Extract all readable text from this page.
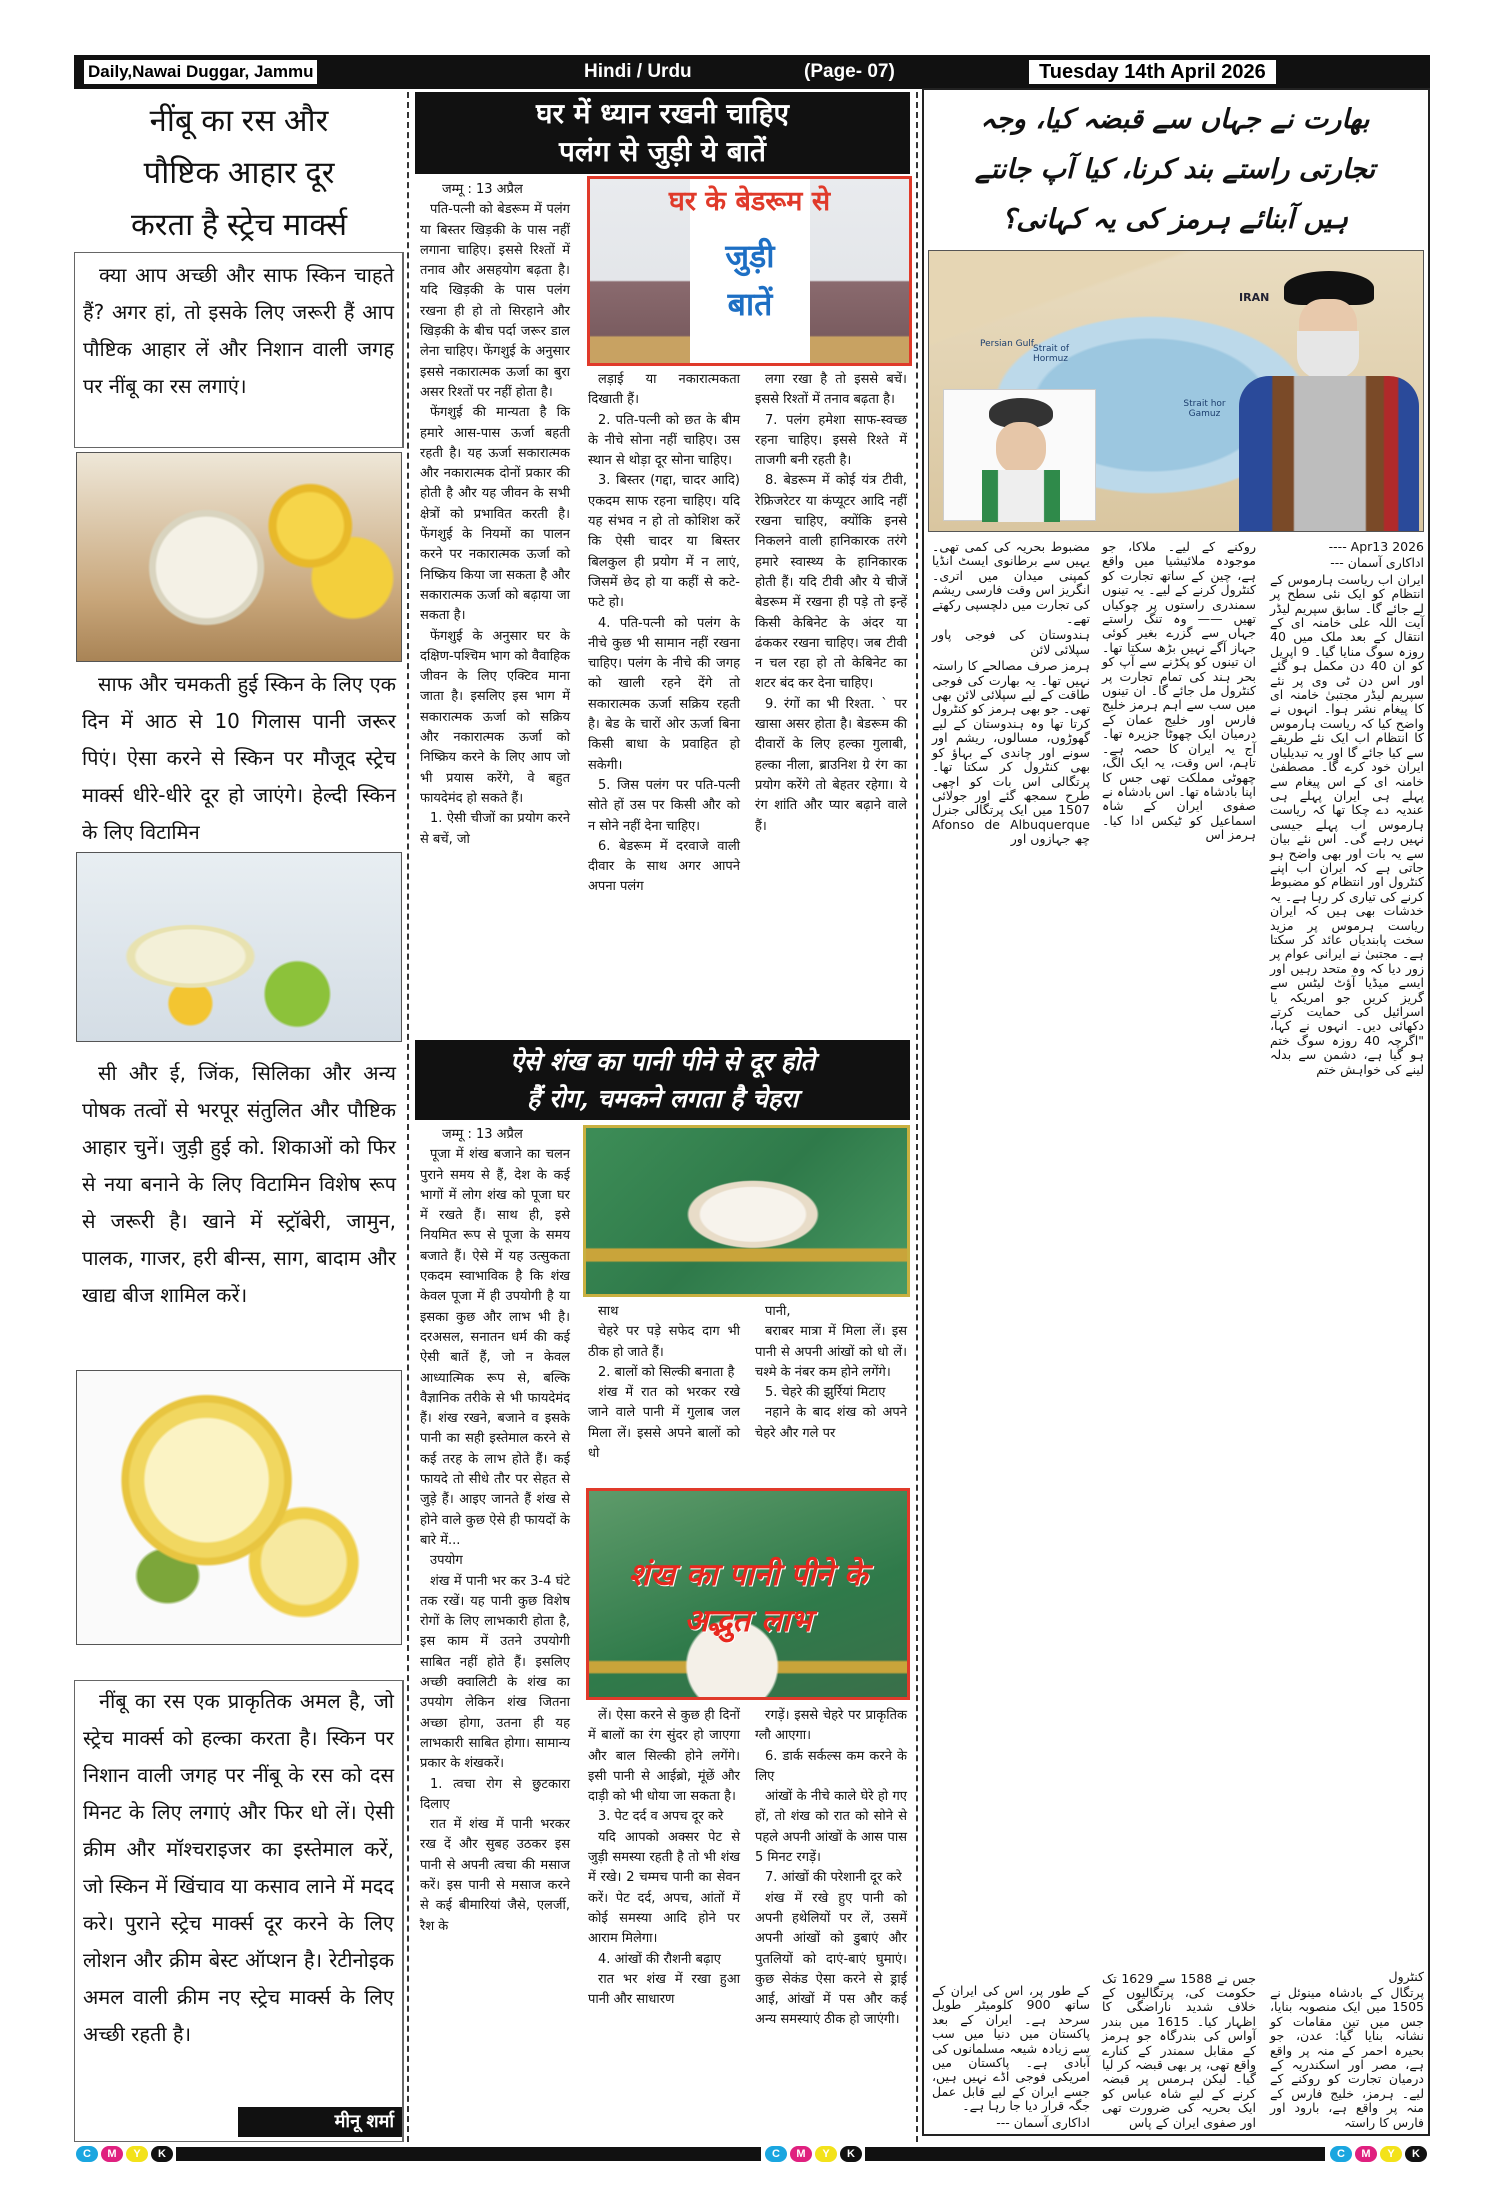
Daily,Nawai Duggar, Jammu	Hindi / Urdu	(Page- 07)	Tuesday 14th April 2026
नींबू का रस और
पौष्टिक आहार दूर
करता है स्ट्रेच मार्क्स

क्या आप अच्छी और साफ स्किन चाहते हैं? अगर हां, तो इसके लिए जरूरी हैं आप पौष्टिक आहार लें और निशान वाली जगह पर नींबू का रस लगाएं।

साफ और चमकती हुई स्किन के लिए एक दिन में आठ से 10 गिलास पानी जरूर पिएं। ऐसा करने से स्किन पर मौजूद स्ट्रेच मार्क्स धीरे-धीरे दूर हो जाएंगे। हेल्दी स्किन के लिए विटामिन

सी और ई, जिंक, सिलिका और अन्य पोषक तत्वों से भरपूर संतुलित और पौष्टिक आहार चुनें। जुड़ी हुई को. शिकाओं को फिर से नया बनाने के लिए विटामिन विशेष रूप से जरूरी है। खाने में स्ट्रॉबेरी, जामुन, पालक, गाजर, हरी बीन्स, साग, बादाम और खाद्य बीज शामिल करें।

नींबू का रस एक प्राकृतिक अमल है, जो स्ट्रेच मार्क्स को हल्का करता है। स्किन पर निशान वाली जगह पर नींबू के रस को दस मिनट के लिए लगाएं और फिर धो लें। ऐसी क्रीम और मॉश्चराइजर का इस्तेमाल करें, जो स्किन में खिंचाव या कसाव लाने में मदद करे। पुराने स्ट्रेच मार्क्स दूर करने के लिए लोशन और क्रीम बेस्ट ऑप्शन है। रेटीनोइक अमल वाली क्रीम नए स्ट्रेच मार्क्स के लिए अच्छी रहती है।

मीनू शर्मा
घर में ध्यान रखनी चाहिए
पलंग से जुड़ी ये बातें
घर के बेडरूम से
जुड़ी
बातें

जम्मू : 13 अप्रैल

पति-पत्नी को बेडरूम में पलंग या बिस्तर खिड़की के पास नहीं लगाना चाहिए। इससे रिश्तों में तनाव और असहयोग बढ़ता है। यदि खिड़की के पास पलंग रखना ही हो तो सिरहाने और खिड़की के बीच पर्दा जरूर डाल लेना चाहिए। फेंगशुई के अनुसार इससे नकारात्मक ऊर्जा का बुरा असर रिश्तों पर नहीं होता है।

फेंगशुई की मान्यता है कि हमारे आस-पास ऊर्जा बहती रहती है। यह ऊर्जा सकारात्मक और नकारात्मक दोनों प्रकार की होती है और यह जीवन के सभी क्षेत्रों को प्रभावित करती है। फेंगशुई के नियमों का पालन करने पर नकारात्मक ऊर्जा को निष्क्रिय किया जा सकता है और सकारात्मक ऊर्जा को बढ़ाया जा सकता है।

फेंगशुई के अनुसार घर के दक्षिण-पश्चिम भाग को वैवाहिक जीवन के लिए एक्टिव माना जाता है। इसलिए इस भाग में सकारात्मक ऊर्जा को सक्रिय और नकारात्मक ऊर्जा को निष्क्रिय करने के लिए आप जो भी प्रयास करेंगे, वे बहुत फायदेमंद हो सकते हैं।

1. ऐसी चीजों का प्रयोग करने से बचें, जो

लड़ाई या नकारात्मकता दिखाती हैं।

2. पति-पत्नी को छत के बीम के नीचे सोना नहीं चाहिए। उस स्थान से थोड़ा दूर सोना चाहिए।

3. बिस्तर (गद्दा, चादर आदि) एकदम साफ रहना चाहिए। यदि यह संभव न हो तो कोशिश करें कि ऐसी चादर या बिस्तर बिलकुल ही प्रयोग में न लाएं, जिसमें छेद हो या कहीं से कटे-फटे हो।

4. पति-पत्नी को पलंग के नीचे कुछ भी सामान नहीं रखना चाहिए। पलंग के नीचे की जगह को खाली रहने देंगे तो सकारात्मक ऊर्जा सक्रिय रहती है। बेड के चारों ओर ऊर्जा बिना किसी बाधा के प्रवाहित हो सकेगी।

5. जिस पलंग पर पति-पत्नी सोते हों उस पर किसी और को न सोने नहीं देना चाहिए।

6. बेडरूम में दरवाजे वाली दीवार के साथ अगर आपने अपना पलंग

लगा रखा है तो इससे बचें। इससे रिश्तों में तनाव बढ़ता है।

7. पलंग हमेशा साफ-स्वच्छ रहना चाहिए। इससे रिश्ते में ताजगी बनी रहती है।

8. बेडरूम में कोई यंत्र टीवी, रेफ्रिजरेटर या कंप्यूटर आदि नहीं रखना चाहिए, क्योंकि इनसे निकलने वाली हानिकारक तरंगे हमारे स्वास्थ्य के हानिकारक होती हैं। यदि टीवी और ये चीजें बेडरूम में रखना ही पड़े तो इन्हें किसी केबिनेट के अंदर या ढंककर रखना चाहिए। जब टीवी न चल रहा हो तो केबिनेट का शटर बंद कर देना चाहिए।

9. रंगों का भी रिश्ता. ` पर खासा असर होता है। बेडरूम की दीवारों के लिए हल्का गुलाबी, हल्का नीला, ब्राउनिश ग्रे रंग का प्रयोग करेंगे तो बेहतर रहेगा। ये रंग शांति और प्यार बढ़ाने वाले हैं।

ऐसे शंख का पानी पीने से दूर होते
हैं रोग, चमकने लगता है चेहरा

जम्मू : 13 अप्रैल

पूजा में शंख बजाने का चलन पुराने समय से हैं, देश के कई भागों में लोग शंख को पूजा घर में रखते हैं। साथ ही, इसे नियमित रूप से पूजा के समय बजाते हैं। ऐसे में यह उत्सुकता एकदम स्वाभाविक है कि शंख केवल पूजा में ही उपयोगी है या इसका कुछ और लाभ भी है। दरअसल, सनातन धर्म की कई ऐसी बातें हैं, जो न केवल आध्यात्मिक रूप से, बल्कि वैज्ञानिक तरीके से भी फायदेमंद हैं। शंख रखने, बजाने व इसके पानी का सही इस्तेमाल करने से कई तरह के लाभ होते हैं। कई फायदे तो सीधे तौर पर सेहत से जुड़े हैं। आइए जानते हैं शंख से होने वाले कुछ ऐसे ही फायदों के बारे में...

उपयोग

शंख में पानी भर कर 3-4 घंटे तक रखें। यह पानी कुछ विशेष रोगों के लिए लाभकारी होता है, इस काम में उतने उपयोगी साबित नहीं होते हैं। इसलिए अच्छी क्वालिटी के शंख का उपयोग लेकिन शंख जितना अच्छा होगा, उतना ही यह लाभकारी साबित होगा। सामान्य प्रकार के शंखकरें।

1. त्वचा रोग से छुटकारा दिलाए

रात में शंख में पानी भरकर रख दें और सुबह उठकर इस पानी से अपनी त्वचा की मसाज करें। इस पानी से मसाज करने से कई बीमारियां जैसे, एलर्जी, रैश के

साथ

चेहरे पर पड़े सफेद दाग भी ठीक हो जाते हैं।

2. बालों को सिल्की बनाता है

शंख में रात को भरकर रखे जाने वाले पानी में गुलाब जल मिला लें। इससे अपने बालों को धो

पानी,

बराबर मात्रा में मिला लें। इस पानी से अपनी आंखों को धो लें। चश्मे के नंबर कम होने लगेंगे।

5. चेहरे की झुर्रियां मिटाए

नहाने के बाद शंख को अपने चेहरे और गले पर

शंख का पानी पीने के
अद्भुत लाभ

लें। ऐसा करने से कुछ ही दिनों में बालों का रंग सुंदर हो जाएगा और बाल सिल्की होने लगेंगे। इसी पानी से आईब्रो, मूंछें और दाड़ी को भी धोया जा सकता है।

3. पेट दर्द व अपच दूर करे

यदि आपको अक्सर पेट से जुड़ी समस्या रहती है तो भी शंख में रखे। 2 चम्मच पानी का सेवन करें। पेट दर्द, अपच, आंतों में कोई समस्या आदि होने पर आराम मिलेगा।

4. आंखों की रौशनी बढ़ाए

रात भर शंख में रखा हुआ पानी और साधारण

रगड़ें। इससे चेहरे पर प्राकृतिक ग्लौ आएगा।

6. डार्क सर्कल्स कम करने के लिए

आंखों के नीचे काले घेरे हो गए हों, तो शंख को रात को सोने से पहले अपनी आंखों के आस पास 5 मिनट रगड़ें।

7. आंखों की परेशानी दूर करे

शंख में रखे हुए पानी को अपनी हथेलियों पर लें, उसमें अपनी आंखों को डुबाएं और पुतलियों को दाएं-बाएं घुमाएं। कुछ सेकंड ऐसा करने से ड्राई आई, आंखों में पस और कई अन्य समस्याएं ठीक हो जाएंगी।

بھارت نے جہاں سے قبضہ کیا، وجہ
تجارتی راستے بند کرنا، کیا آپ جانتے
ہیں آبنائے ہرمز کی یہ کہانی؟
IRAN
Persian Gulf Strait of Hormuz
Strait hor Gamuz

2026 Apr13 ----

اداکاری آسمان ---

ایران اب ریاست ہارموس کے انتظام کو ایک نئی سطح پر لے جائے گا۔ سابق سپریم لیڈر آیت اللہ علی خامنہ ای کے انتقال کے بعد ملک میں 40 روزہ سوگ منایا گیا۔ 9 اپریل کو ان 40 دن مکمل ہو گئے اور اس دن ٹی وی پر نئے سپریم لیڈر مجتبیٰ خامنہ ای کا پیغام نشر ہوا۔ انہوں نے واضح کیا کہ ریاست ہارموس کا انتظام اب ایک نئے طریقے سے کیا جائے گا اور یہ تبدیلیاں ایران خود کرے گا۔ مصطفیٰ خامنہ ای کے اس پیغام سے پہلے ہی ایران پہلے ہی عندیہ دے چکا تھا کہ ریاست ہارموس اب پہلے جیسی نہیں رہے گی۔ اس نئے بیان سے یہ بات اور بھی واضح ہو جاتی ہے کہ ایران اب اپنے کنٹرول اور انتظام کو مضبوط کرنے کی تیاری کر رہا ہے۔ یہ خدشات بھی ہیں کہ ایران ریاست ہرموس پر مزید سخت پابندیاں عائد کر سکتا ہے۔ مجتبیٰ نے ایرانی عوام پر زور دیا کہ وہ متحد رہیں اور ایسے میڈیا آؤٹ لیٹس سے گریز کریں جو امریکہ یا اسرائیل کی حمایت کرتے دکھائی دیں۔ انہوں نے کہا، "اگرچہ 40 روزہ سوگ ختم ہو گیا ہے، دشمن سے بدلہ لینے کی خواہش ختم

کنٹرول

پرتگال کے بادشاہ مینوئل نے 1505 میں ایک منصوبہ بنایا، جس میں تین مقامات کو نشانہ بنایا گیا: عدن، جو بحیرہ احمر کے منہ پر واقع ہے، مصر اور اسکندریہ کے درمیان تجارت کو روکنے کے لیے۔ ہرمز، خلیج فارس کے منہ پر واقع ہے، بارود اور فارس کا راستہ

روکنے کے لیے۔ ملاکا، جو موجودہ ملائیشیا میں واقع ہے، چین کے ساتھ تجارت کو کنٹرول کرنے کے لیے۔ یہ تینوں سمندری راستوں پر چوکیاں تھیں —— وہ تنگ راستے جہاں سے گزرے بغیر کوئی جہاز آگے نہیں بڑھ سکتا تھا۔ ان تینوں کو پکڑنے سے آپ کو بحر ہند کی تمام تجارت پر کنٹرول مل جائے گا۔ ان تینوں میں سب سے اہم ہرمز خلیج فارس اور خلیج عمان کے درمیان ایک چھوٹا جزیرہ تھا۔ آج یہ ایران کا حصہ ہے۔ تاہم، اس وقت، یہ ایک الگ، چھوٹی مملکت تھی جس کا اپنا بادشاہ تھا۔ اس بادشاہ نے صفوی ایران کے شاہ اسماعیل کو ٹیکس ادا کیا۔ ہرمز اس

جس نے 1588 سے 1629 تک حکومت کی، پرتگالیوں کے خلاف شدید ناراضگی کا اظہار کیا۔ 1615 میں بندر آواس کی بندرگاہ جو ہرمز کے مقابل سمندر کے کنارے واقع تھی، پر بھی قبضہ کر لیا گیا۔ لیکن ہرمس پر قبضہ کرنے کے لیے شاہ عباس کو ایک بحریہ کی ضرورت تھی اور صفوی ایران کے پاس

مضبوط بحریہ کی کمی تھی۔ یہیں سے برطانوی ایسٹ انڈیا کمپنی میدان میں اتری۔ انگریز اس وقت فارسی ریشم کی تجارت میں دلچسپی رکھتے تھے۔

ہندوستان کی فوجی پاور سپلائی لائن

ہرمز صرف مصالحے کا راستہ نہیں تھا۔ یہ بھارت کی فوجی طاقت کے لیے سپلائی لائن بھی تھی۔ جو بھی ہرمز کو کنٹرول کرتا تھا وہ ہندوستان کے لیے گھوڑوں، مسالوں، ریشم اور سونے اور چاندی کے بہاؤ کو بھی کنٹرول کر سکتا تھا۔ پرتگالی اس بات کو اچھی طرح سمجھ گئے اور جولائی 1507 میں ایک پرتگالی جنرل Afonso de Albuquerque چھ جہازوں اور

کے طور پر، اس کی ایران کے ساتھ 900 کلومیٹر طویل سرحد ہے۔ ایران کے بعد پاکستان میں دنیا میں سب سے زیادہ شیعہ مسلمانوں کی آبادی ہے۔ پاکستان میں امریکی فوجی اڈے نہیں ہیں، جسے ایران کے لیے قابل عمل جگہ قرار دیا جا رہا ہے۔

اداکاری آسمان ---

C	M	Y	K	C	M	Y	K	C	M	Y	K
